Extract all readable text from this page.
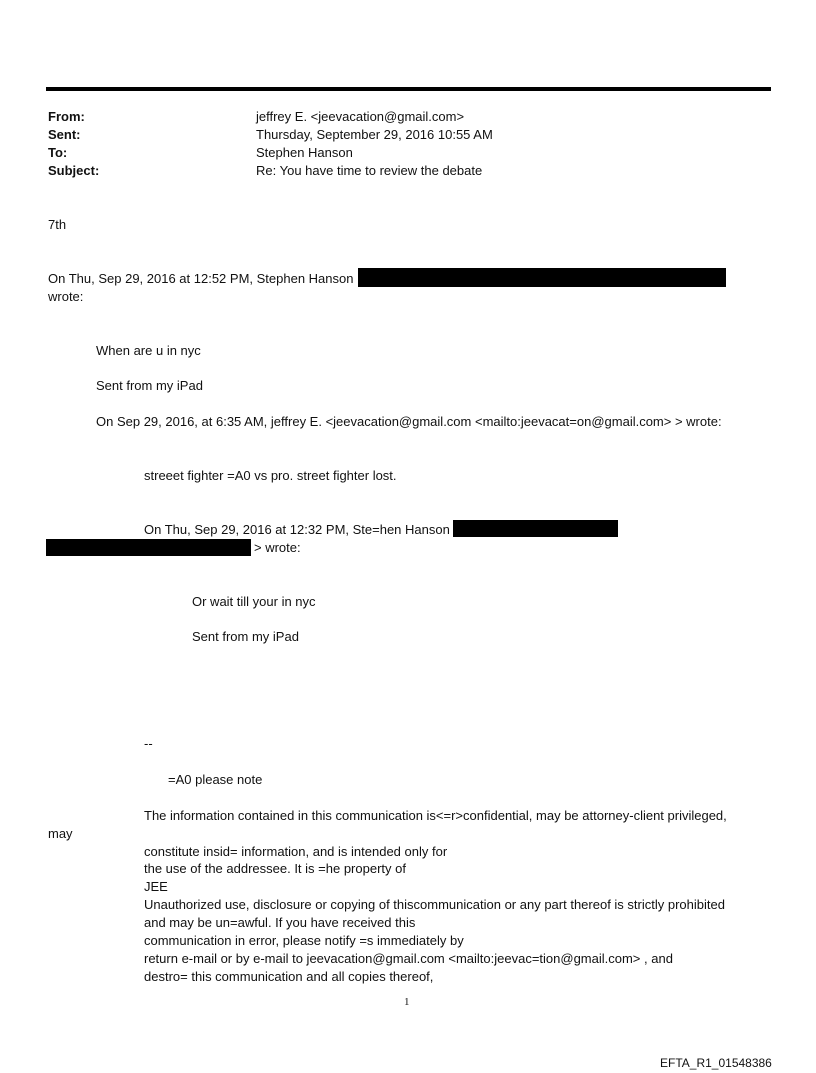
From:	jeffrey E. <jeevacation@gmail.com>
Sent:	Thursday, September 29, 2016 10:55 AM
To:	Stephen Hanson
Subject:	Re: You have time to review the debate
7th
On Thu, Sep 29, 2016 at 12:52 PM, Stephen Hanson
wrote:
When are u in nyc
Sent from my iPad
On Sep 29, 2016, at 6:35 AM, jeffrey E. <jeevacation@gmail.com <mailto:jeevacat=on@gmail.com> > wrote:
streeet fighter =A0 vs pro. street fighter lost.
On Thu, Sep 29, 2016 at 12:32 PM, Ste=hen Hanson
> wrote:
Or wait till your in nyc
Sent from my iPad
--
=A0 please note
The information contained in this communication is<=r>confidential, may be attorney-client privileged,
may
constitute insid= information, and is intended only for
the use of the addressee. It is =he property of
JEE
Unauthorized use, disclosure or copying of thiscommunication or any part thereof is strictly prohibited
and may be un=awful. If you have received this
communication in error, please notify =s immediately by
return e-mail or by e-mail to jeevacation@gmail.com <mailto:jeevac=tion@gmail.com> , and
destro= this communication and all copies thereof,
1
EFTA_R1_01548386
